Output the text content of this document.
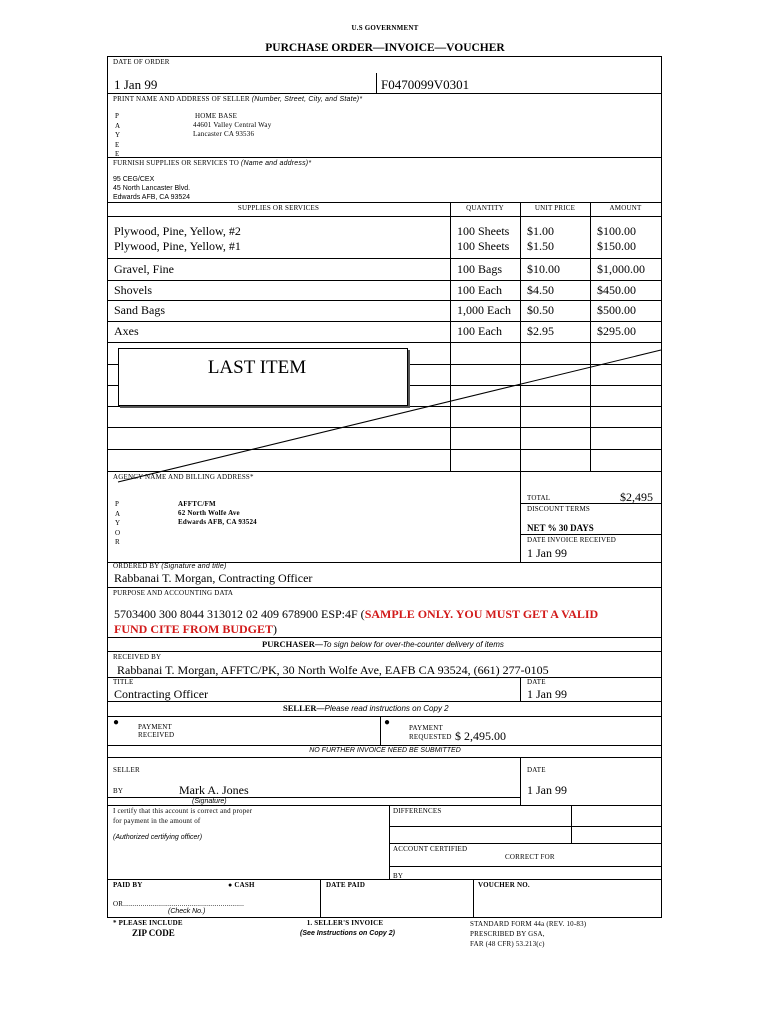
U.S GOVERNMENT
PURCHASE ORDER—INVOICE—VOUCHER
DATE OF ORDER
1 Jan 99	F0470099V0301
PRINT NAME AND ADDRESS OF SELLER (Number, Street, City, and State)*
P
A
Y
E
E
HOME BASE
44601 Valley Central Way
Lancaster CA 93536
FURNISH SUPPLIES OR SERVICES TO (Name and address)*
95 CEG/CEX
45 North Lancaster Blvd.
Edwards AFB, CA 93524
SUPPLIES OR SERVICES	QUANTITY	UNIT PRICE	AMOUNT
Plywood, Pine, Yellow, #2	100 Sheets $1.00	$100.00
Plywood, Pine, Yellow, #1	100 Sheets $1.50	$150.00
Gravel, Fine	100 Bags $10.00	$1,000.00
Shovels	100 Each $4.50	$450.00
Sand Bags	1,000 Each $0.50	$500.00
Axes	100 Each $2.95	$295.00
LAST ITEM
AGENCY NAME AND BILLING ADDRESS*
P
A
Y
O
R
AFFTC/FM
62 North Wolfe Ave
Edwards AFB, CA 93524
TOTAL	$2,495
DISCOUNT TERMS
NET % 30 DAYS
DATE INVOICE RECEIVED
1 Jan 99
ORDERED BY (Signature and title)
Rabbanai T. Morgan, Contracting Officer
PURPOSE AND ACCOUNTING DATA
5703400 300 8044 313012 02 409 678900 ESP:4F (SAMPLE ONLY. YOU MUST GET A VALID
FUND CITE FROM BUDGET)
PURCHASER—To sign below for over-the-counter delivery of items
RECEIVED BY
Rabbanai T. Morgan, AFFTC/PK, 30 North Wolfe Ave, EAFB CA 93524, (661) 277-0105
TITLE	DATE
Contracting Officer	1 Jan 99
SELLER—Please read instructions on Copy 2
●	PAYMENT
RECEIVED
●	PAYMENT
REQUESTED $ 2,495.00
NO FURTHER INVOICE NEED BE SUBMITTED
SELLER	DATE
BY	Mark A. Jones	1 Jan 99
(Signature)
I certify that this account is correct and proper
for payment in the amount of
(Authorized certifying officer)
DIFFERENCES
ACCOUNT CERTIFIED
CORRECT FOR
BY
PAID BY	● CASH	DATE PAID	VOUCHER NO.
OR..............................................................
(Check No.)
* PLEASE INCLUDE
ZIP CODE
1. SELLER'S INVOICE
(See Instructions on Copy 2)
STANDARD FORM 44a (REV. 10-83)
PRESCRIBED BY GSA,
FAR (48 CFR) 53.213(c)
